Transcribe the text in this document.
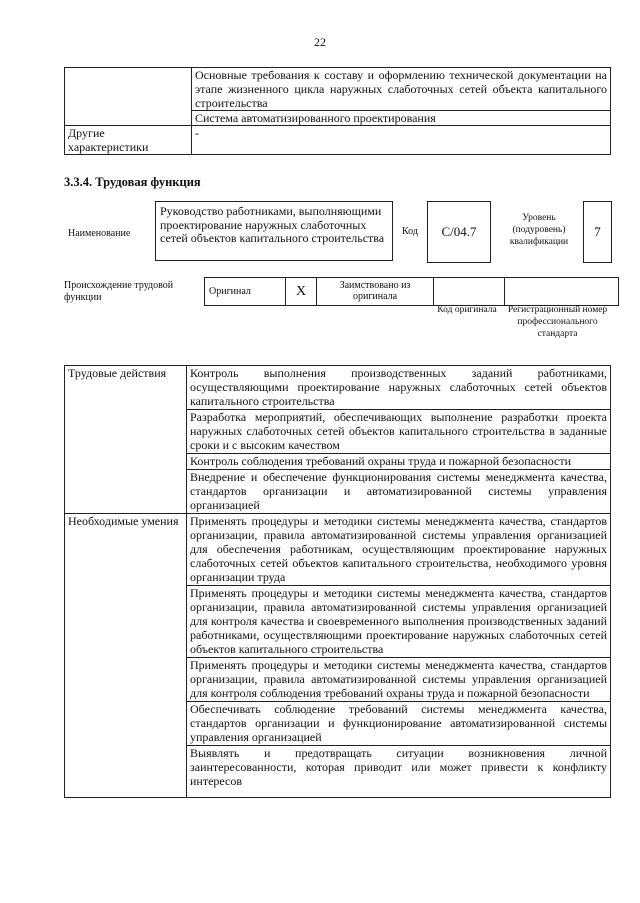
22
	Основные требования к составу и оформлению технической документации на этапе жизненного цикла наружных слаботочных сетей объекта капитального строительства
	Система автоматизированного проектирования
Другие характеристики	-
3.3.4. Трудовая функция
Наименование
Руководство работниками, выполняющими проектирование наружных слаботочных сетей объектов капитального строительства	Код	C/04.7
Уровень (подуровень) квалификации
7
Происхождение трудовой функции
Оригинал	X	Заимствовано из оригинала		
Код оригинала Регистрационный номер профессионального стандарта
Трудовые действия	Контроль выполнения производственных заданий работниками, осуществляющими проектирование наружных слаботочных сетей объектов капитального строительства
	Разработка мероприятий, обеспечивающих выполнение разработки проекта наружных слаботочных сетей объектов капитального строительства в заданные сроки и с высоким качеством
	Контроль соблюдения требований охраны труда и пожарной безопасности
	Внедрение и обеспечение функционирования системы менеджмента качества, стандартов организации и автоматизированной системы управления организацией
Необходимые умения	Применять процедуры и методики системы менеджмента качества, стандартов организации, правила автоматизированной системы управления организацией для обеспечения работникам, осуществляющим проектирование наружных слаботочных сетей объектов капитального строительства, необходимого уровня организации труда
	Применять процедуры и методики системы менеджмента качества, стандартов организации, правила автоматизированной системы управления организацией для контроля качества и своевременного выполнения производственных заданий работниками, осуществляющими проектирование наружных слаботочных сетей объектов капитального строительства
	Применять процедуры и методики системы менеджмента качества, стандартов организации, правила автоматизированной системы управления организацией для контроля соблюдения требований охраны труда и пожарной безопасности
	Обеспечивать соблюдение требований системы менеджмента качества, стандартов организации и функционирование автоматизированной системы управления организацией
	Выявлять и предотвращать ситуации возникновения личной заинтересованности, которая приводит или может привести к конфликту интересов
